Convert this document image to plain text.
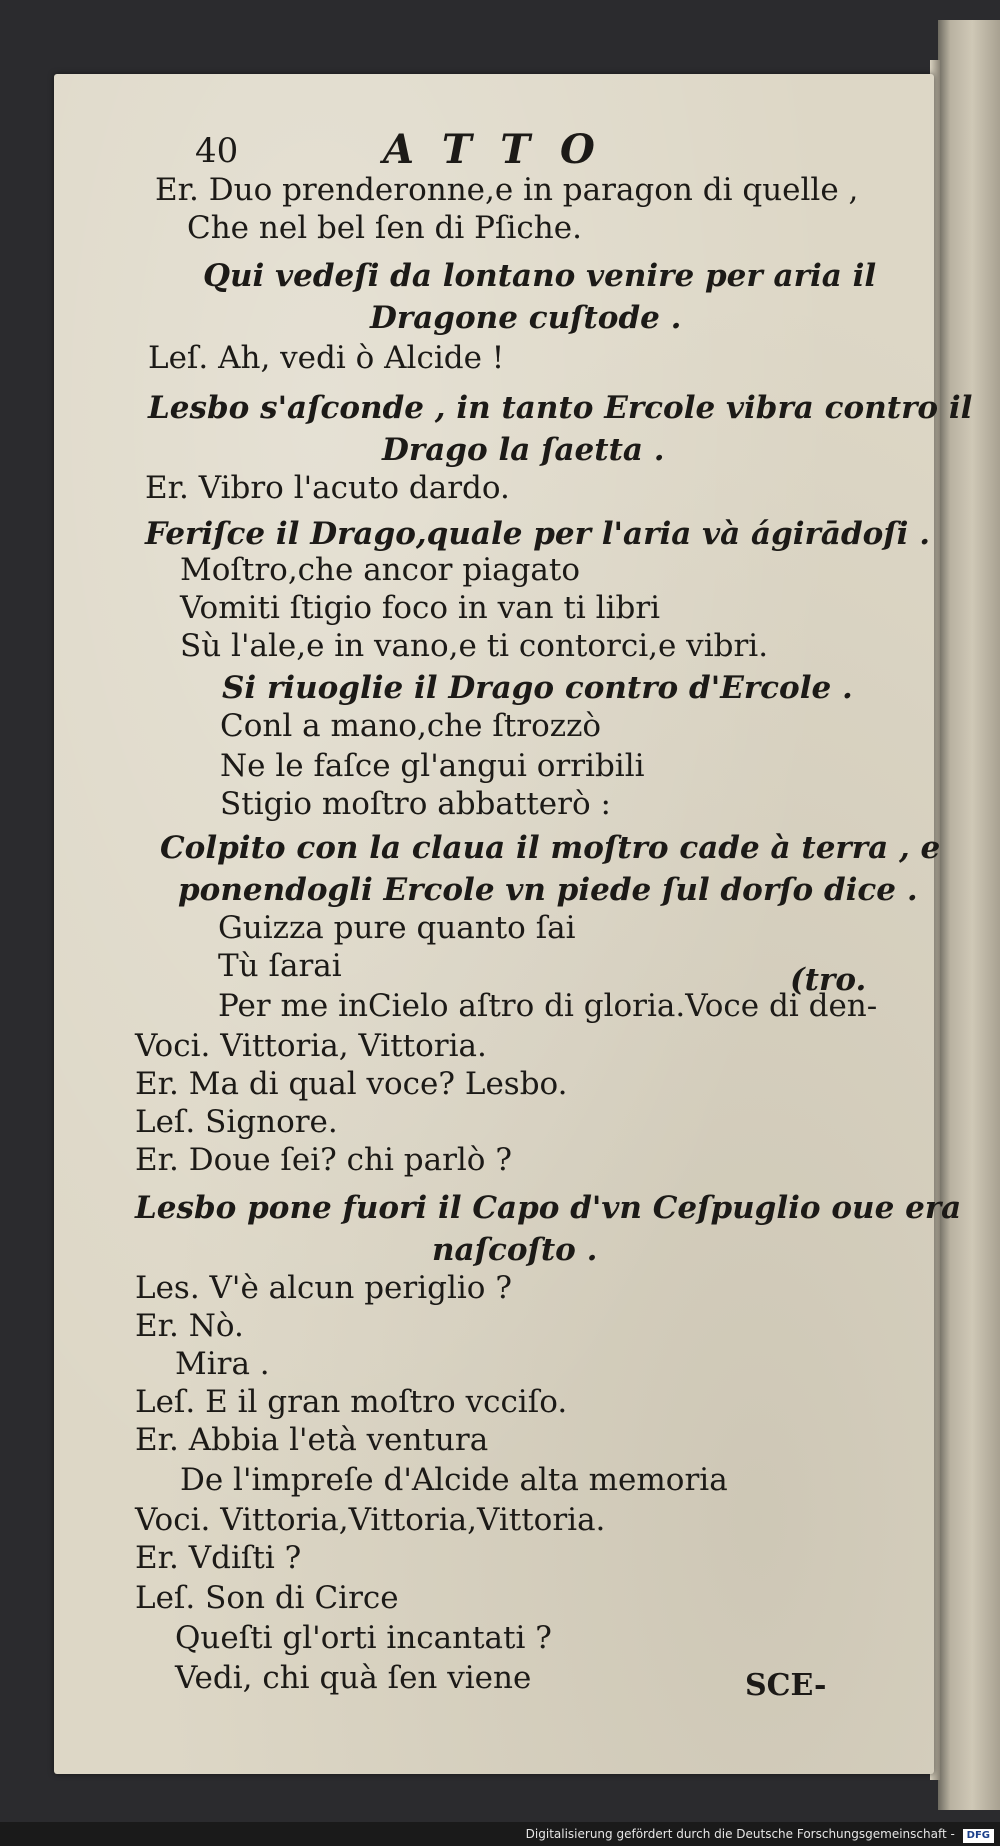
40	ATTO
Er. Duo prenderonne,e in paragon di quelle ,
Che nel bel ſen di Pſiche.
Qui vedeſi da lontano venire per aria il
Dragone cuſtode .
Leſ. Ah, vedi ò Alcide !
Lesbo s'aſconde , in tanto Ercole vibra contro il
Drago la ſaetta .
Er. Vibro l'acuto dardo.
Feriſce il Drago,quale per l'aria và ágirādoſi .
Moſtro,che ancor piagato
Vomiti ſtigio foco in van ti libri
Sù l'ale,e in vano,e ti contorci,e vibri.
Si riuoglie il Drago contro d'Ercole .
Conl a mano,che ſtrozzò
Ne le faſce gl'angui orribili
Stigio moſtro abbatterò :
Colpito con la claua il moſtro cade à terra , e
ponendogli Ercole vn piede ſul dorſo dice .
Guizza pure quanto ſai
Tù ſarai	(tro.
Per me inCielo aſtro di gloria.Voce di den-
Voci. Vittoria, Vittoria.
Er. Ma di qual voce? Lesbo.
Leſ. Signore.
Er. Doue ſei? chi parlò ?
Lesbo pone fuori il Capo d'vn Ceſpuglio oue era
naſcoſto .
Les. V'è alcun periglio ?
Er. Nò.
Mira .
Leſ. E il gran moſtro vcciſo.
Er. Abbia l'età ventura
De l'impreſe d'Alcide alta memoria
Voci. Vittoria,Vittoria,Vittoria.
Er. Vdiſti ?
Leſ. Son di Circe
Queſti gl'orti incantati ?
Vedi, chi quà ſen viene	SCE-
Digitalisierung gefördert durch die Deutsche Forschungsgemeinschaft - DFG
